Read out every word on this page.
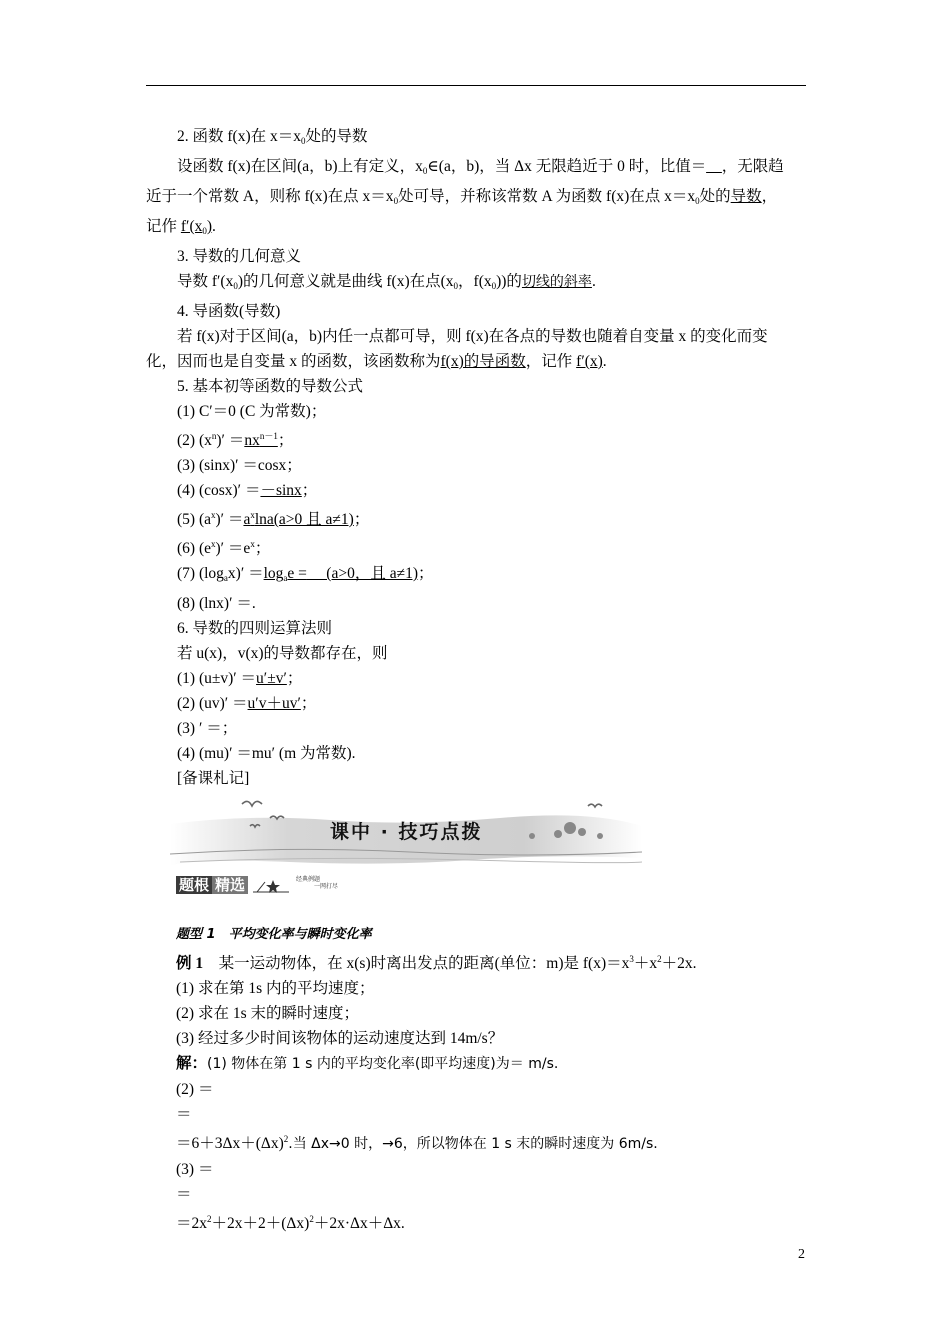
2. 函数 f(x)在 $x=x_0$处的导数

设函数 f(x)在区间(a，b)上有定义，$x_0\in(a$，b)，当 Δx 无限趋近于 0 时，比值＝__，无限趋

近于一个常数 A，则称 f(x)在点 $x=x_0$处可导，并称该常数 A 为函数 f(x)在点 $x=x_0$处的导数，

记作 $f'(x_0)$.

3. 导数的几何意义

导数 $f'(x_0)$的几何意义就是曲线 f(x)在点($x_0$，$f(x_0)$)的切线的斜率.

4. 导函数(导数)

若 f(x)对于区间(a，b)内任一点都可导，则 f(x)在各点的导数也随着自变量 x 的变化而变

化，因而也是自变量 x 的函数，该函数称为f(x)的导函数，记作 f′(x).

5. 基本初等函数的导数公式

(1) C′＝0 (C 为常数)；

(2) $(x^n)' =nx^{n-1}$；

(3) (sinx)′ ＝cosx；

(4) (cosx)′ ＝－sinx；

(5) $(a^x)' =a^x\ln a(a>0$ 且 a≠1)；

(6) $(e^x)' =e^x$；

(7) $(\log_ax)' =\log_ae$ =     (a>0，且 a≠1)；

(8) (lnx)′ ＝.

6. 导数的四则运算法则

若 u(x)，v(x)的导数都存在，则

(1) (u±v)′ ＝u′±v′；

(2) (uv)′ ＝u′v＋uv′；

(3) ′ ＝；

(4) (mu)′ ＝mu′ (m 为常数).

[备课札记]

课中 · 技巧点拨
题根 精选	经典例题
一网打尽

题型 1　平均变化率与瞬时变化率

例 1　某一运动物体，在 x(s)时离出发点的距离(单位：m)是 $f(x)=x^3+x^2+2x$.

(1) 求在第 1s 内的平均速度；

(2) 求在 1s 末的瞬时速度；

(3) 经过多少时间该物体的运动速度达到 14m/s？

解：(1) 物体在第 1 s 内的平均变化率(即平均速度)为＝ m/s.

(2) ＝

＝

$=6+3\Delta x+(\Delta x)^2$.当 Δx→0 时，→6，所以物体在 1 s 末的瞬时速度为 6m/s.

(3) ＝

＝

$=2x^2+2x+2+(\Delta x)^2+2x\cdot\Delta x+\Delta x$.

2
